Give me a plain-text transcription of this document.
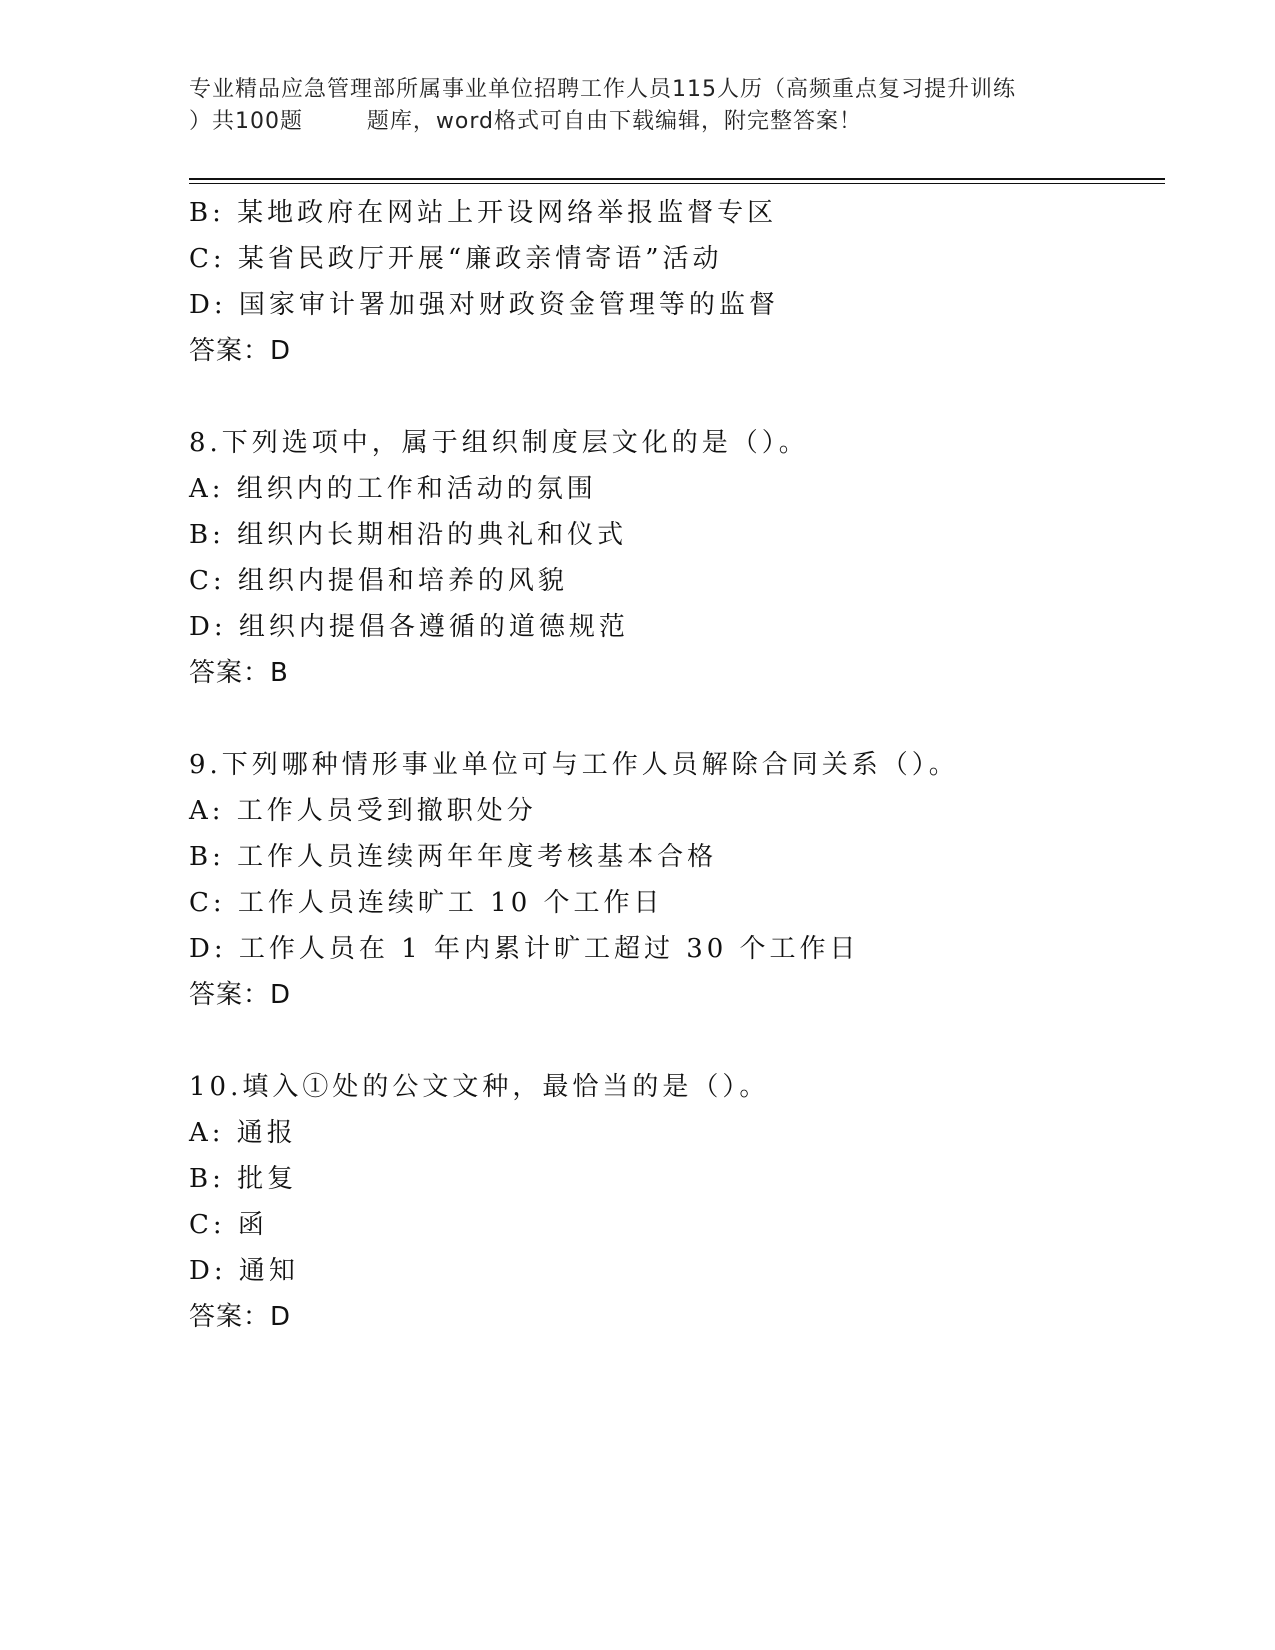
专业精品应急管理部所属事业单位招聘工作人员115人历（高频重点复习提升训练
）共100题        题库，word格式可自由下载编辑，附完整答案！
B: 某地政府在网站上开设网络举报监督专区
C: 某省民政厅开展“廉政亲情寄语”活动
D: 国家审计署加强对财政资金管理等的监督
答案：D
8.下列选项中，属于组织制度层文化的是（）。
A: 组织内的工作和活动的氛围
B: 组织内长期相沿的典礼和仪式
C: 组织内提倡和培养的风貌
D: 组织内提倡各遵循的道德规范
答案：B
9.下列哪种情形事业单位可与工作人员解除合同关系（）。
A: 工作人员受到撤职处分
B: 工作人员连续两年年度考核基本合格
C: 工作人员连续旷工 10 个工作日
D: 工作人员在 1 年内累计旷工超过 30 个工作日
答案：D
10.填入①处的公文文种，最恰当的是（）。
A: 通报
B: 批复
C: 函
D: 通知
答案：D
